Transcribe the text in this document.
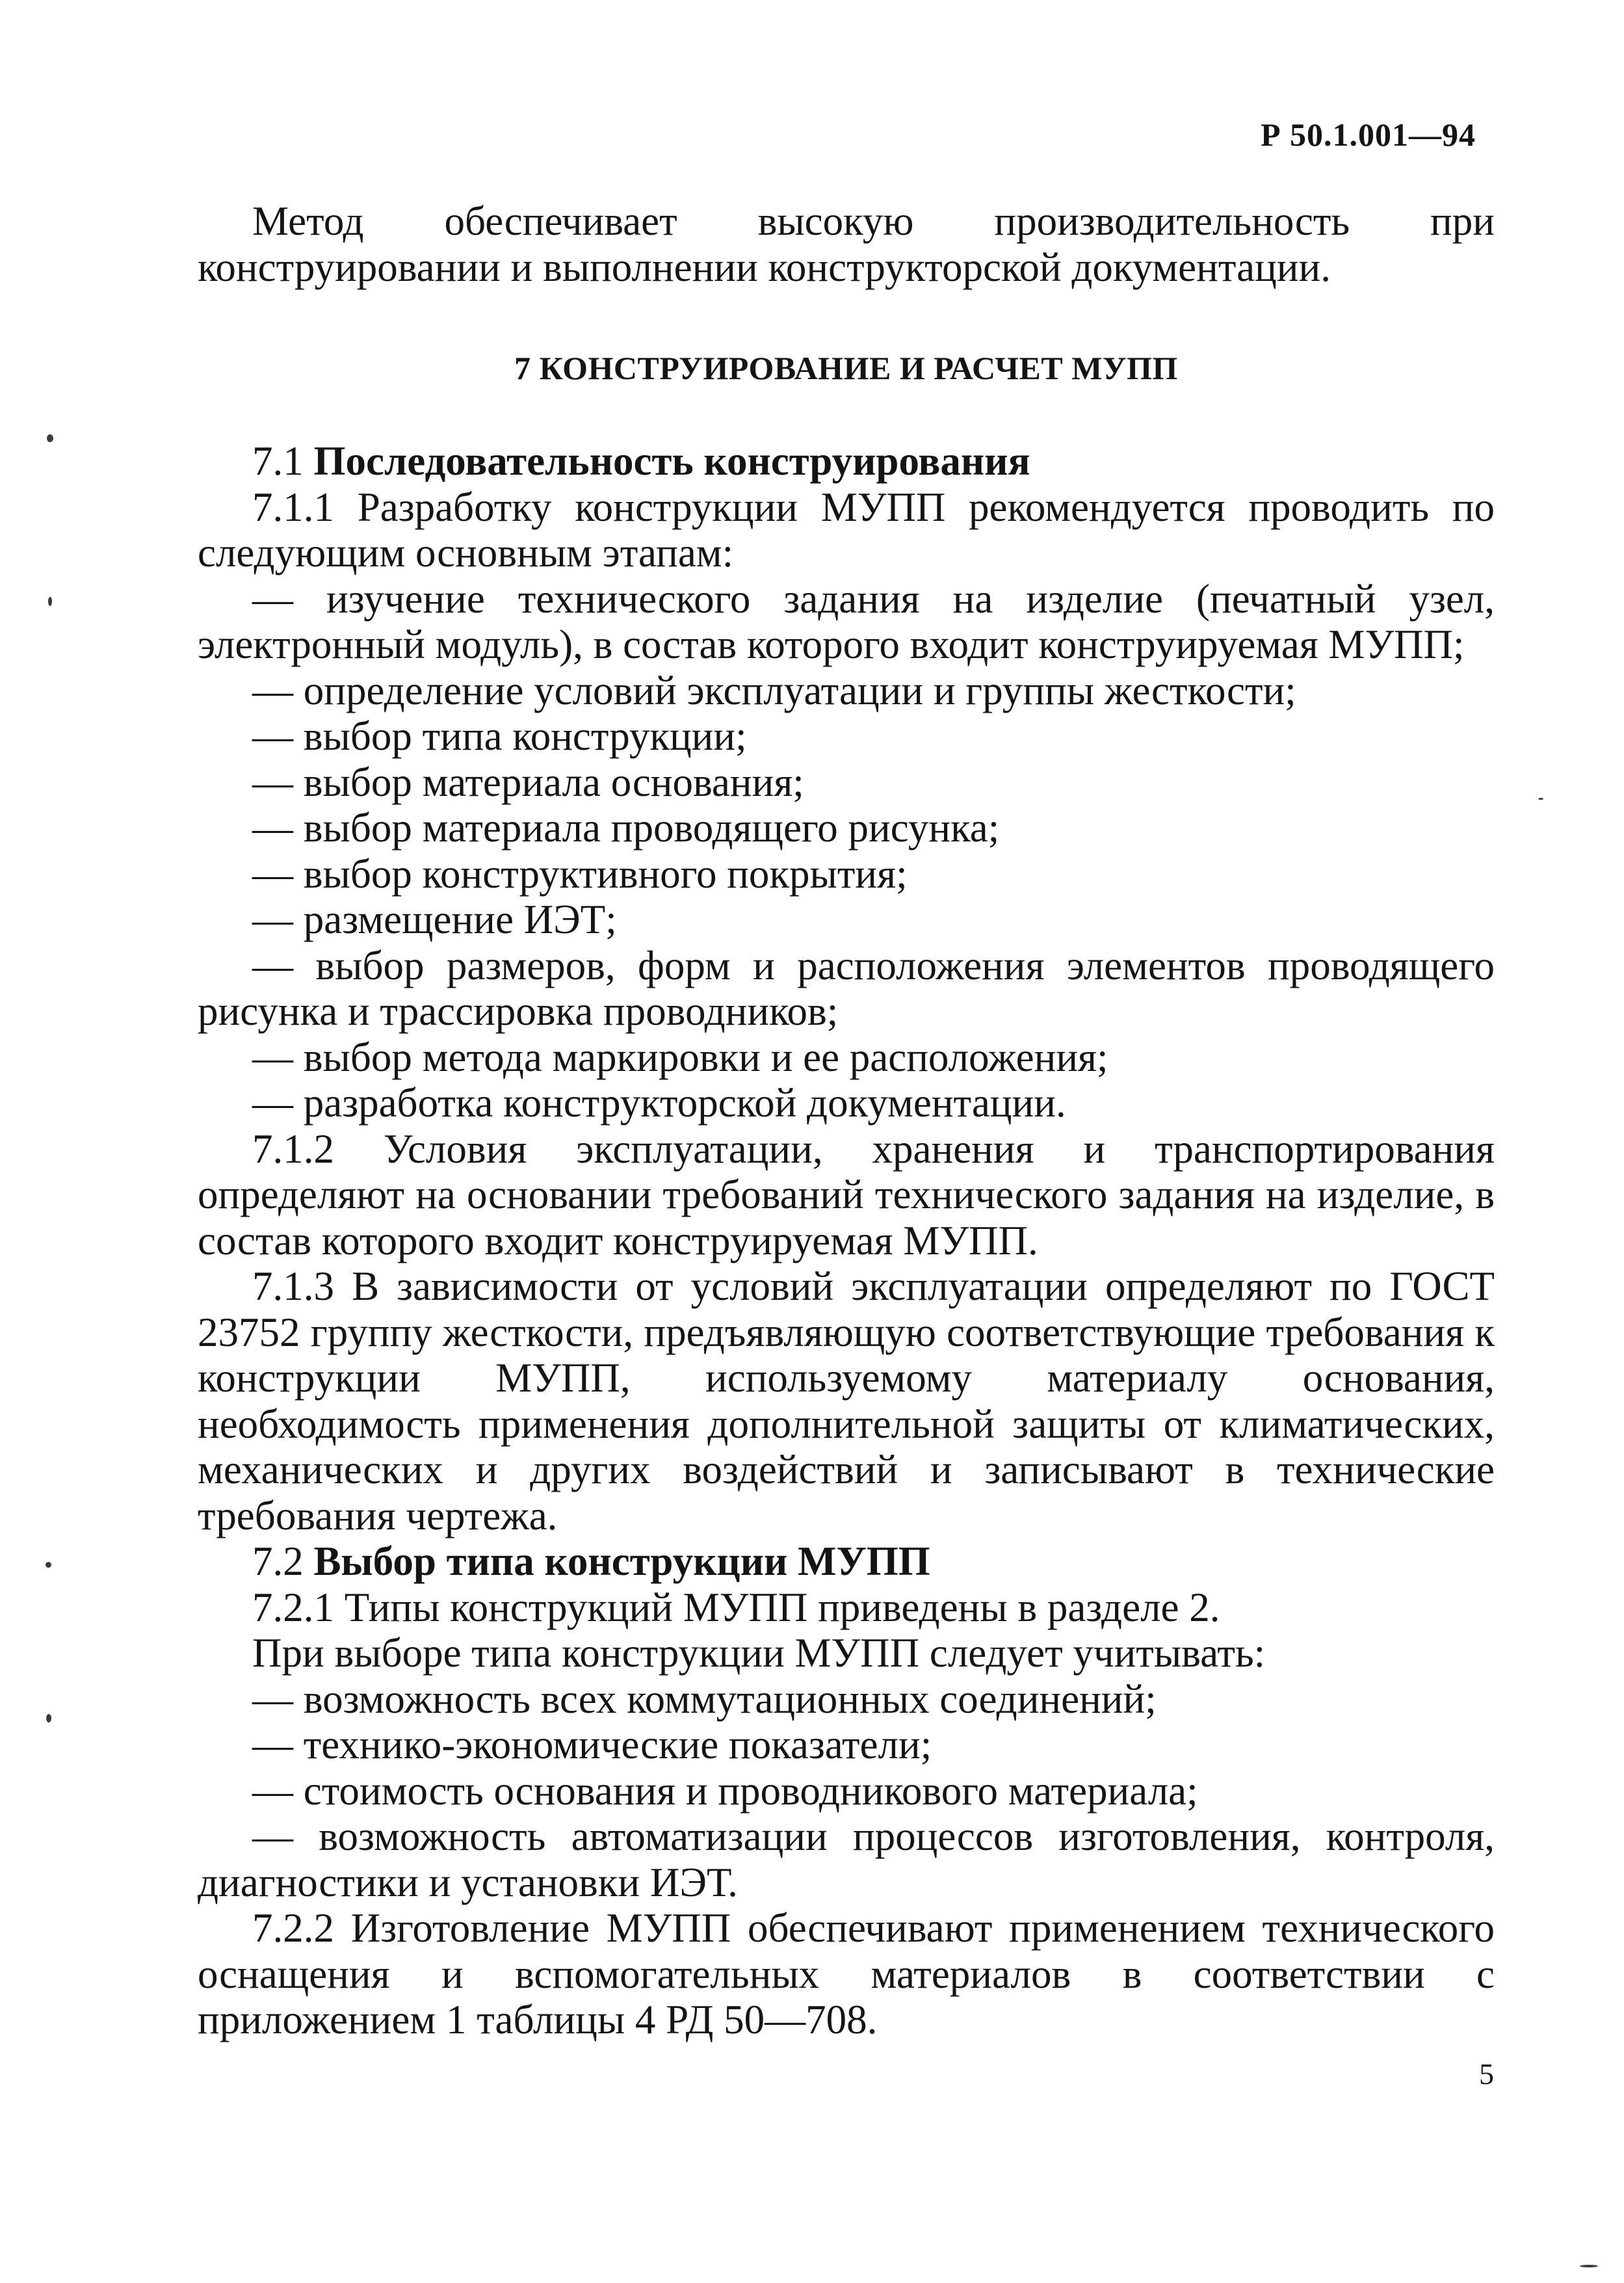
Р 50.1.001—94

Метод обеспечивает высокую производительность при конструировании и выполнении конструкторской документации.

7 КОНСТРУИРОВАНИЕ И РАСЧЕТ МУПП

7.1 Последовательность конструирования

7.1.1 Разработку конструкции МУПП рекомендуется проводить по следующим основным этапам:

— изучение технического задания на изделие (печатный узел, электронный модуль), в состав которого входит конструируемая МУПП;

— определение условий эксплуатации и группы жесткости;

— выбор типа конструкции;

— выбор материала основания;

— выбор материала проводящего рисунка;

— выбор конструктивного покрытия;

— размещение ИЭТ;

— выбор размеров, форм и расположения элементов проводящего рисунка и трассировка проводников;

— выбор метода маркировки и ее расположения;

— разработка конструкторской документации.

7.1.2 Условия эксплуатации, хранения и транспортирования определяют на основании требований технического задания на изделие, в состав которого входит конструируемая МУПП.

7.1.3 В зависимости от условий эксплуатации определяют по ГОСТ 23752 группу жесткости, предъявляющую соответствующие требования к конструкции МУПП, используемому материалу основания, необходимость применения дополнительной защиты от климатических, механических и других воздействий и записывают в технические требования чертежа.

7.2 Выбор типа конструкции МУПП

7.2.1 Типы конструкций МУПП приведены в разделе 2.

При выборе типа конструкции МУПП следует учитывать:

— возможность всех коммутационных соединений;

— технико-экономические показатели;

— стоимость основания и проводникового материала;

— возможность автоматизации процессов изготовления, контроля, диагностики и установки ИЭТ.

7.2.2 Изготовление МУПП обеспечивают применением технического оснащения и вспомогательных материалов в соответствии с приложением 1 таблицы 4 РД 50—708.

5
